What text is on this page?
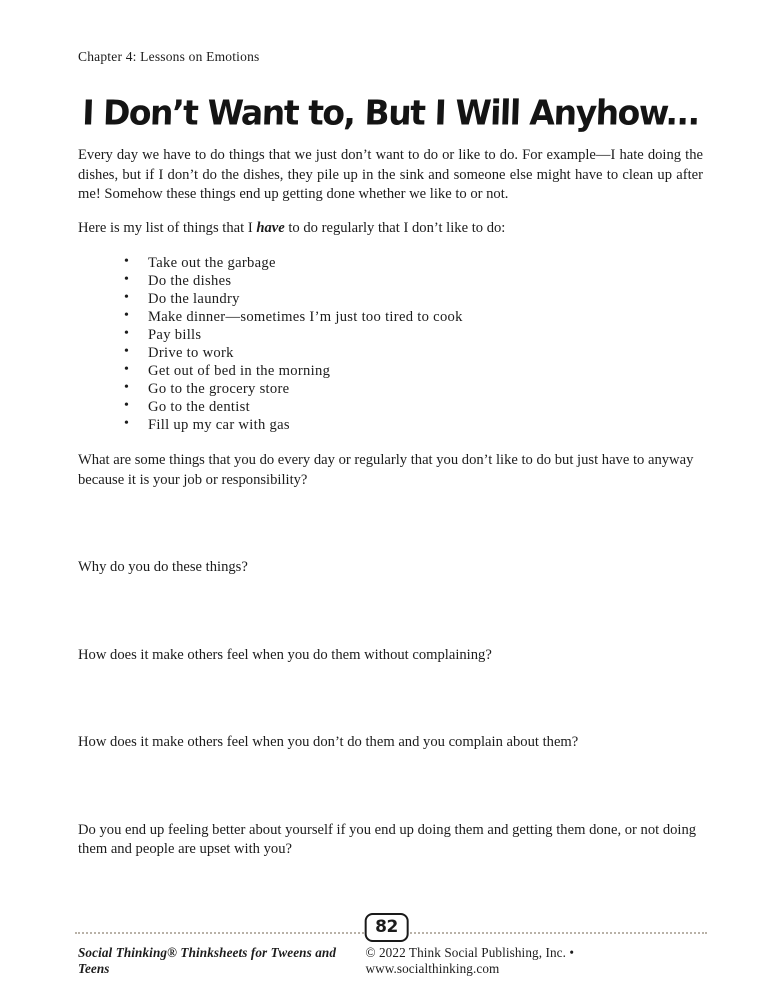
Chapter 4: Lessons on Emotions
I Don’t Want to, But I Will Anyhow...

Every day we have to do things that we just don’t want to do or like to do. For example—I hate doing the dishes, but if I don’t do the dishes, they pile up in the sink and someone else might have to clean up after me! Somehow these things end up getting done whether we like to or not.

Here is my list of things that I have to do regularly that I don’t like to do:

• Take out the garbage
• Do the dishes
• Do the laundry
• Make dinner—sometimes I’m just too tired to cook
• Pay bills
• Drive to work
• Get out of bed in the morning
• Go to the grocery store
• Go to the dentist
• Fill up my car with gas

What are some things that you do every day or regularly that you don’t like to do but just have to anyway because it is your job or responsibility?

Why do you do these things?

How does it make others feel when you do them without complaining?

How does it make others feel when you don’t do them and you complain about them?

Do you end up feeling better about yourself if you end up doing them and getting them done, or not doing them and people are upset with you?

82
Social Thinking® Thinksheets for Tweens and Teens
© 2022 Think Social Publishing, Inc. • www.socialthinking.com
